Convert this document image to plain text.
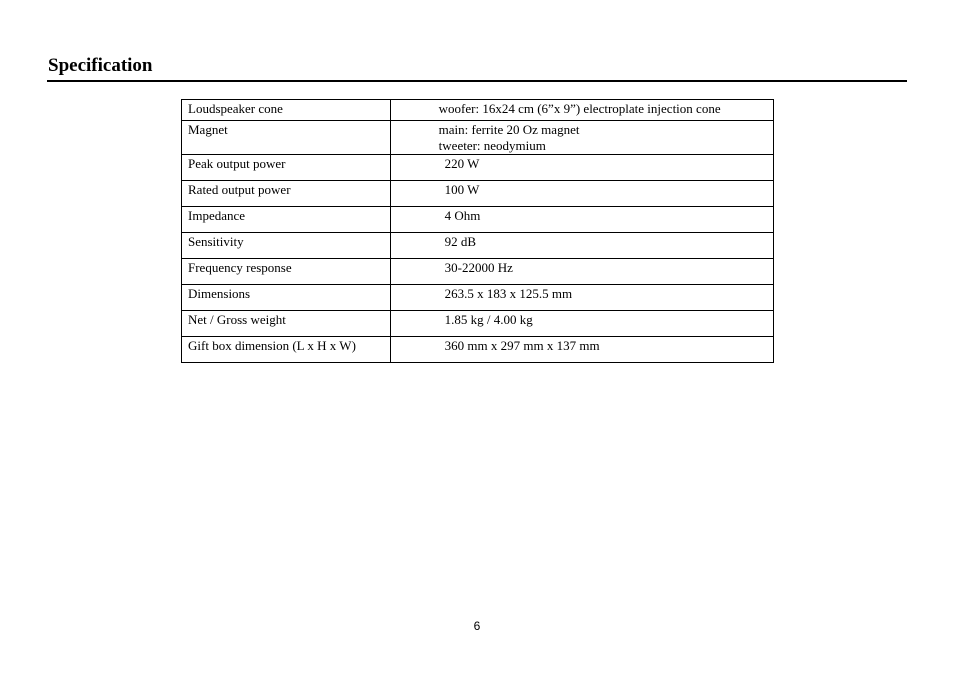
Specification
Loudspeaker cone	woofer: 16x24 cm (6”x 9”) electroplate injection cone

Magnet	main: ferrite 20 Oz magnet
tweeter: neodymium

Peak output power	220 W

Rated output power	100 W

Impedance	4 Ohm

Sensitivity	92 dB

Frequency response	30-22000 Hz

Dimensions	263.5 x 183 x 125.5 mm

Net / Gross weight	1.85 kg / 4.00 kg

Gift box dimension (L x H x W)	360 mm x 297 mm x 137 mm
6
